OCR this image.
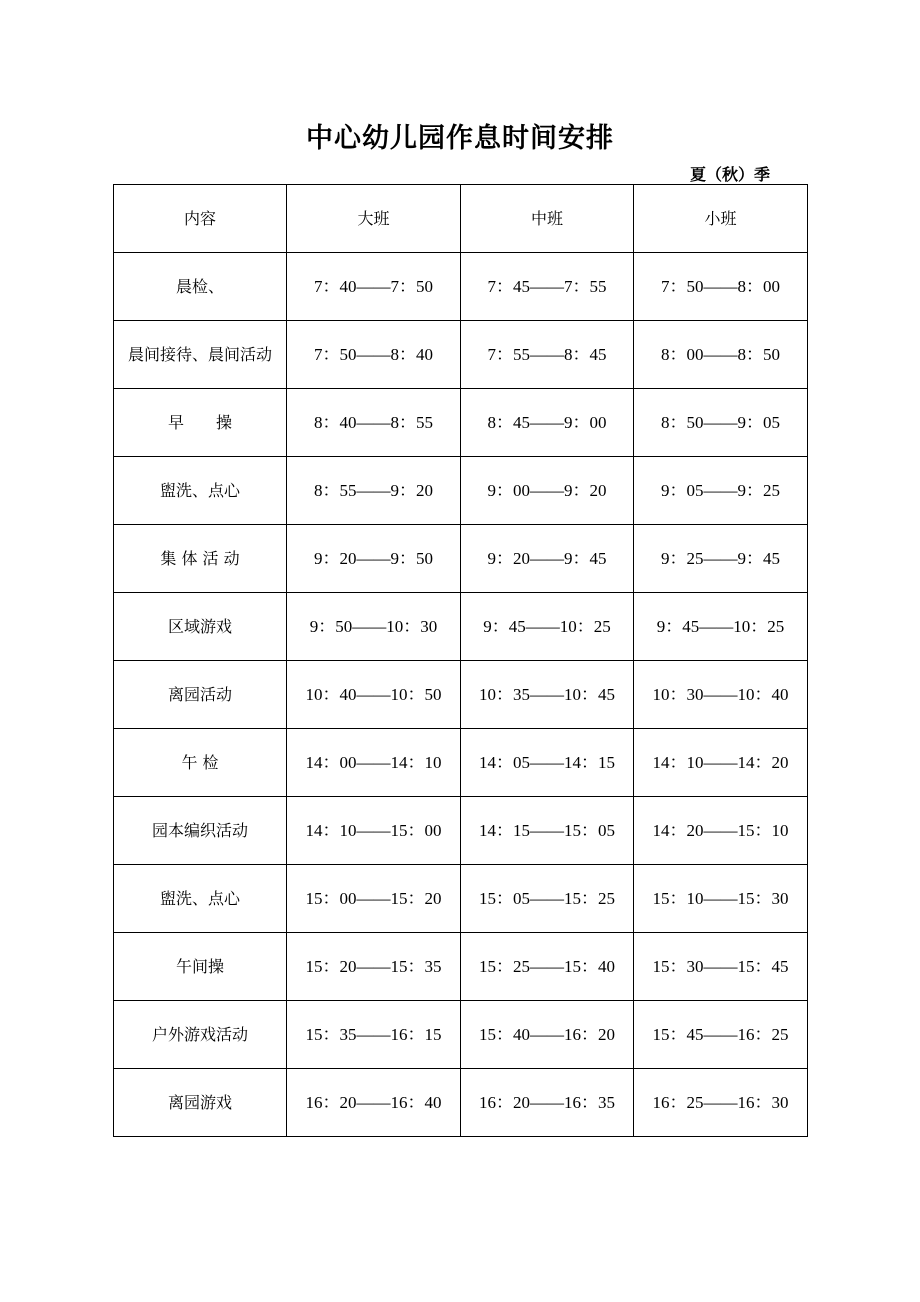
中心幼儿园作息时间安排
夏（秋）季
内容	大班	中班	小班
晨检、	7：40——7：50	7：45——7：55	7：50——8：00
晨间接待、晨间活动	7：50——8：40	7：55——8：45	8：00——8：50
早　　操	8：40——8：55	8：45——9：00	8：50——9：05
盥洗、点心	8：55——9：20	9：00——9：20	9：05——9：25
集 体 活 动	9：20——9：50	9：20——9：45	9：25——9：45
区域游戏	9：50——10：30	9：45——10：25	9：45——10：25
离园活动	10：40——10：50	10：35——10：45	10：30——10：40
午 检	14：00——14：10	14：05——14：15	14：10——14：20
园本编织活动	14：10——15：00	14：15——15：05	14：20——15：10
盥洗、点心	15：00——15：20	15：05——15：25	15：10——15：30
午间操	15：20——15：35	15：25——15：40	15：30——15：45
户外游戏活动	15：35——16：15	15：40——16：20	15：45——16：25
离园游戏	16：20——16：40	16：20——16：35	16：25——16：30
